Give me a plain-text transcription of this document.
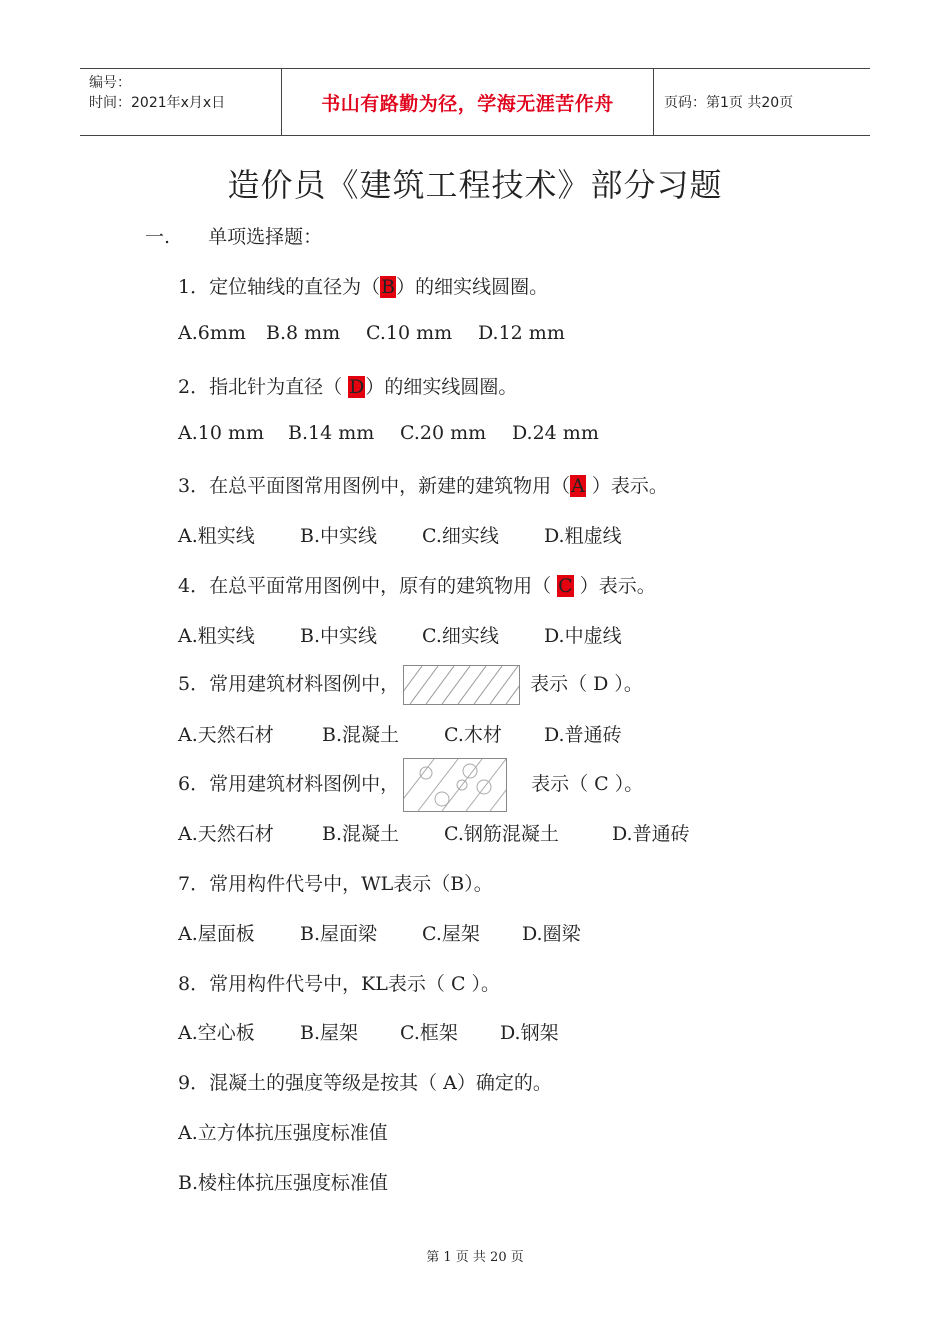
编号：
时间：2021年x月x日	书山有路勤为径，学海无涯苦作舟	页码：第1页 共20页
造价员《建筑工程技术》部分习题
一. 单项选择题：
1．定位轴线的直径为（B）的细实线圆圈。
A.6mm B.8 mm C.10 mm D.12 mm
2．指北针为直径（ D）的细实线圆圈。
A.10 mm B.14 mm C.20 mm D.24 mm
3．在总平面图常用图例中，新建的建筑物用（A ）表示。
A.粗实线 B.中实线 C.细实线 D.粗虚线
4．在总平面常用图例中，原有的建筑物用（ C ）表示。
A.粗实线 B.中实线 C.细实线 D.中虚线
5．常用建筑材料图例中，	表示（ D ）。
A.天然石材	B.混凝土 C.木材 D.普通砖
6．常用建筑材料图例中，	表示（ C ）。
A.天然石材	B.混凝土 C.钢筋混凝土	D.普通砖
7．常用构件代号中，WL表示（B）。
A.屋面板 B.屋面梁 C.屋架 D.圈梁
8．常用构件代号中，KL表示（ C ）。
A.空心板 B.屋架 C.框架 D.钢架
9．混凝土的强度等级是按其（ A）确定的。
A.立方体抗压强度标准值
B.棱柱体抗压强度标准值
第 1 页 共 20 页
